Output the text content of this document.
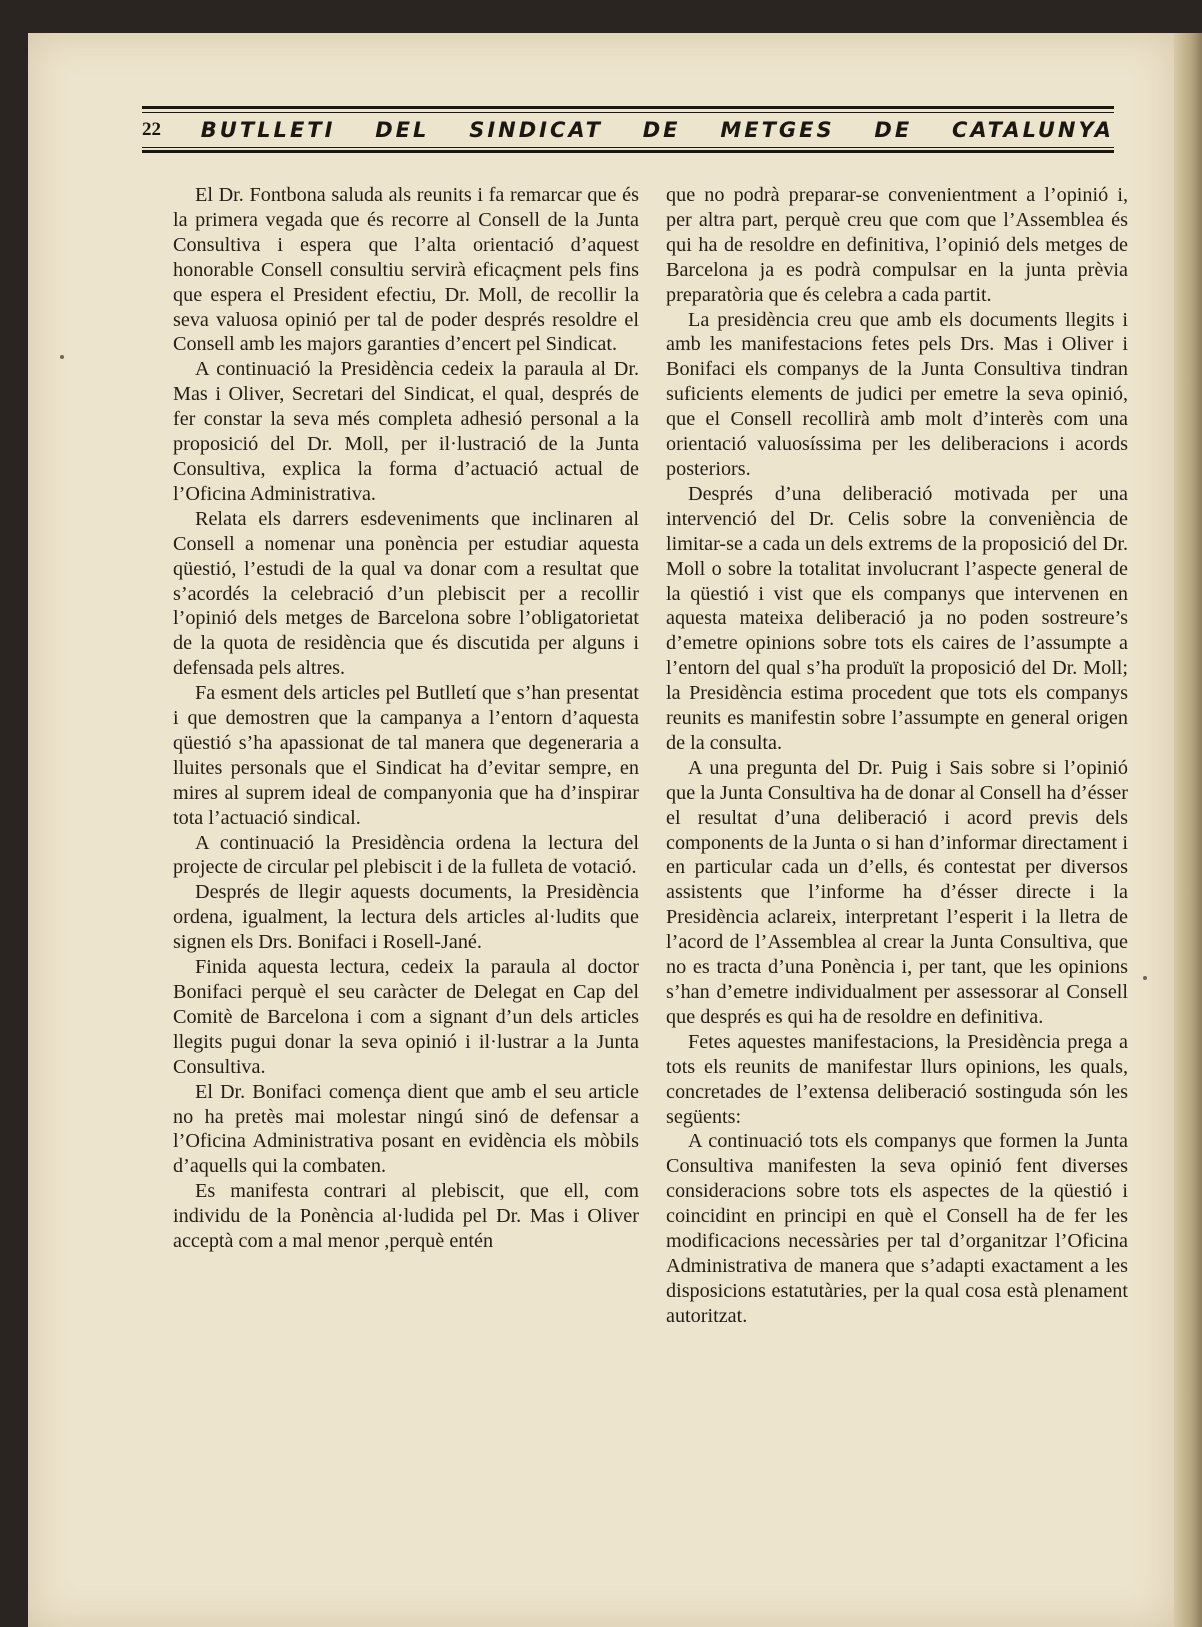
22 BUTLLETI DEL SINDICAT DE METGES DE CATALUNYA

El Dr. Fontbona saluda als reunits i fa remarcar que és la primera vegada que és recorre al Consell de la Junta Consultiva i espera que l’alta orientació d’aquest honorable Consell consultiu servirà eficaçment pels fins que espera el President efectiu, Dr. Moll, de recollir la seva valuosa opinió per tal de poder després resoldre el Consell amb les majors garanties d’encert pel Sindicat.

A continuació la Presidència cedeix la paraula al Dr. Mas i Oliver, Secretari del Sindicat, el qual, després de fer constar la seva més completa adhesió personal a la proposició del Dr. Moll, per il·lustració de la Junta Consultiva, explica la forma d’actuació actual de l’Oficina Administrativa.

Relata els darrers esdeveniments que inclinaren al Consell a nomenar una ponència per estudiar aquesta qüestió, l’estudi de la qual va donar com a resultat que s’acordés la celebració d’un plebiscit per a recollir l’opinió dels metges de Barcelona sobre l’obligatorietat de la quota de residència que és discutida per alguns i defensada pels altres.

Fa esment dels articles pel Butlletí que s’han presentat i que demostren que la campanya a l’entorn d’aquesta qüestió s’ha apassionat de tal manera que degeneraria a lluites personals que el Sindicat ha d’evitar sempre, en mires al suprem ideal de companyonia que ha d’inspirar tota l’actuació sindical.

A continuació la Presidència ordena la lectura del projecte de circular pel plebiscit i de la fulleta de votació.

Després de llegir aquests documents, la Presidència ordena, igualment, la lectura dels articles al·ludits que signen els Drs. Bonifaci i Rosell-Jané.

Finida aquesta lectura, cedeix la paraula al doctor Bonifaci perquè el seu caràcter de Delegat en Cap del Comitè de Barcelona i com a signant d’un dels articles llegits pugui donar la seva opinió i il·lustrar a la Junta Consultiva.

El Dr. Bonifaci comença dient que amb el seu article no ha pretès mai molestar ningú sinó de defensar a l’Oficina Administrativa posant en evidència els mòbils d’aquells qui la combaten.

Es manifesta contrari al plebiscit, que ell, com individu de la Ponència al·ludida pel Dr. Mas i Oliver acceptà com a mal menor ,perquè entén

que no podrà preparar-se convenientment a l’opinió i, per altra part, perquè creu que com que l’Assemblea és qui ha de resoldre en definitiva, l’opinió dels metges de Barcelona ja es podrà compulsar en la junta prèvia preparatòria que és celebra a cada partit.

La presidència creu que amb els documents llegits i amb les manifestacions fetes pels Drs. Mas i Oliver i Bonifaci els companys de la Junta Consultiva tindran suficients elements de judici per emetre la seva opinió, que el Consell recollirà amb molt d’interès com una orientació valuosíssima per les deliberacions i acords posteriors.

Després d’una deliberació motivada per una intervenció del Dr. Celis sobre la conveniència de limitar-se a cada un dels extrems de la proposició del Dr. Moll o sobre la totalitat involucrant l’aspecte general de la qüestió i vist que els companys que intervenen en aquesta mateixa deliberació ja no poden sostreure’s d’emetre opinions sobre tots els caires de l’assumpte a l’entorn del qual s’ha produït la proposició del Dr. Moll; la Presidència estima procedent que tots els companys reunits es manifestin sobre l’assumpte en general origen de la consulta.

A una pregunta del Dr. Puig i Sais sobre si l’opinió que la Junta Consultiva ha de donar al Consell ha d’ésser el resultat d’una deliberació i acord previs dels components de la Junta o si han d’informar directament i en particular cada un d’ells, és contestat per diversos assistents que l’informe ha d’ésser directe i la Presidència aclareix, interpretant l’esperit i la lletra de l’acord de l’Assemblea al crear la Junta Consultiva, que no es tracta d’una Ponència i, per tant, que les opinions s’han d’emetre individualment per assessorar al Consell que després es qui ha de resoldre en definitiva.

Fetes aquestes manifestacions, la Presidència prega a tots els reunits de manifestar llurs opinions, les quals, concretades de l’extensa deliberació sostinguda són les següents:

A continuació tots els companys que formen la Junta Consultiva manifesten la seva opinió fent diverses consideracions sobre tots els aspectes de la qüestió i coincidint en principi en què el Consell ha de fer les modificacions necessàries per tal d’organitzar l’Oficina Administrativa de manera que s’adapti exactament a les disposicions estatutàries, per la qual cosa està plenament autoritzat.
